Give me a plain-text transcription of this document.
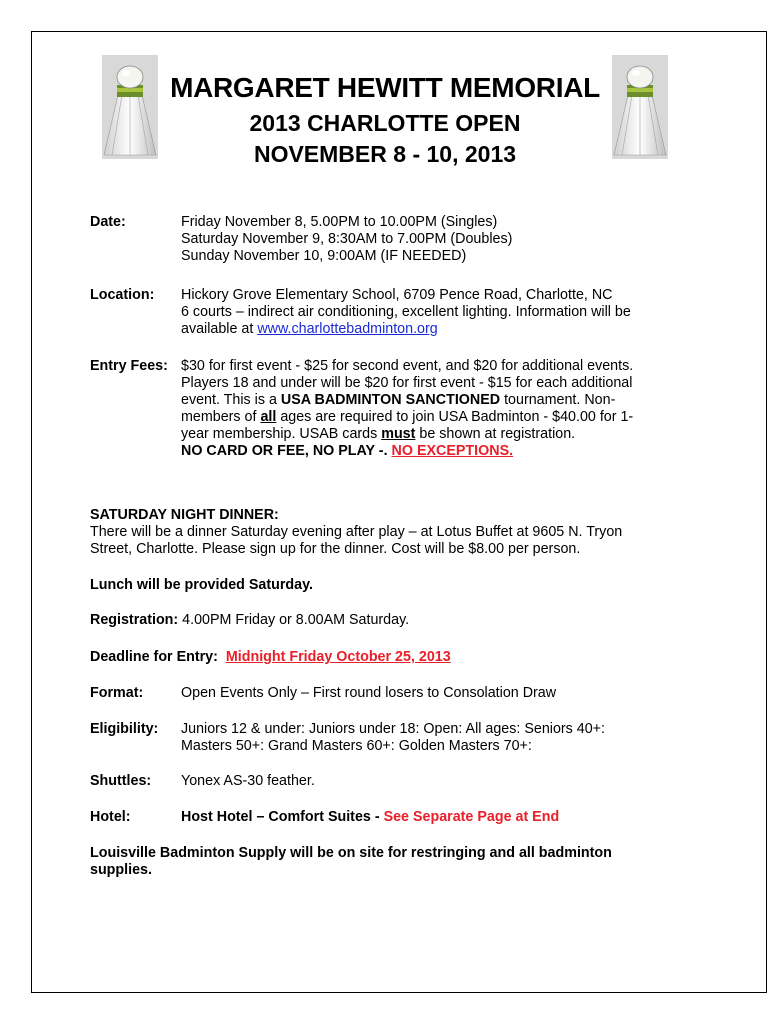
MARGARET HEWITT MEMORIAL
2013 CHARLOTTE OPEN
NOVEMBER 8 - 10, 2013
Date:	Friday November 8, 5.00PM to 10.00PM (Singles)
Saturday November 9, 8:30AM to 7.00PM (Doubles)
Sunday November 10, 9:00AM (IF NEEDED)
Location: Hickory Grove Elementary School, 6709 Pence Road, Charlotte, NC
6 courts – indirect air conditioning, excellent lighting. Information will be
available at www.charlottebadminton.org
Entry Fees: $30 for first event - $25 for second event, and $20 for additional events.
Players 18 and under will be $20 for first event - $15 for each additional
event. This is a USA BADMINTON SANCTIONED tournament. Non-
members of all ages are required to join USA Badminton - $40.00 for 1-
year membership. USAB cards must be shown at registration.
NO CARD OR FEE, NO PLAY -. NO EXCEPTIONS.
SATURDAY NIGHT DINNER:
There will be a dinner Saturday evening after play – at Lotus Buffet at 9605 N. Tryon
Street, Charlotte. Please sign up for the dinner. Cost will be $8.00 per person.
Lunch will be provided Saturday.
Registration: 4.00PM Friday or 8.00AM Saturday.
Deadline for Entry: Midnight Friday October 25, 2013
Format:	Open Events Only – First round losers to Consolation Draw
Eligibility: Juniors 12 & under: Juniors under 18: Open: All ages: Seniors 40+:
Masters 50+: Grand Masters 60+: Golden Masters 70+:
Shuttles: Yonex AS-30 feather.
Hotel:	Host Hotel – Comfort Suites - See Separate Page at End
Louisville Badminton Supply will be on site for restringing and all badminton
supplies.
